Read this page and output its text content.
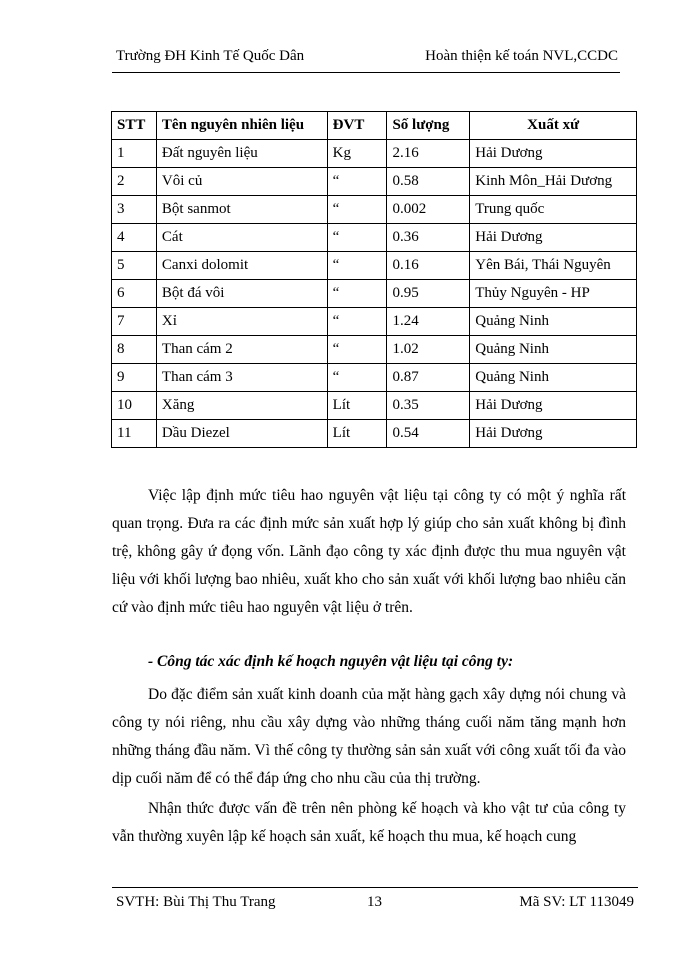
Trường ĐH Kinh Tế Quốc Dân	Hoàn thiện kế toán NVL,CCDC
STT	Tên nguyên nhiên liệu	ĐVT	Số lượng	Xuất xứ
1	Đất nguyên liệu	Kg	2.16	Hải Dương
2	Vôi củ	“	0.58	Kinh Môn_Hải Dương
3	Bột sanmot	“	0.002	Trung quốc
4	Cát	“	0.36	Hải Dương
5	Canxi dolomit	“	0.16	Yên Bái, Thái Nguyên
6	Bột đá vôi	“	0.95	Thủy Nguyên - HP
7	Xỉ	“	1.24	Quảng Ninh
8	Than cám 2	“	1.02	Quảng Ninh
9	Than cám 3	“	0.87	Quảng Ninh
10	Xăng	Lít	0.35	Hải Dương
11	Dầu Diezel	Lít	0.54	Hải Dương

Việc lập định mức tiêu hao nguyên vật liệu tại công ty có một ý nghĩa rất quan trọng. Đưa ra các định mức sản xuất hợp lý giúp cho sản xuất không bị đình trệ, không gây ứ đọng vốn. Lãnh đạo công ty xác định được thu mua nguyên vật liệu với khối lượng bao nhiêu, xuất kho cho sản xuất với khối lượng bao nhiêu căn cứ vào định mức tiêu hao nguyên vật liệu ở trên.

- Công tác xác định kế hoạch nguyên vật liệu tại công ty:

Do đặc điểm sản xuất kinh doanh của mặt hàng gạch xây dựng nói chung và công ty nói riêng, nhu cầu xây dựng vào những tháng cuối năm tăng mạnh hơn những tháng đầu năm. Vì thế công ty thường sản sản xuất với công xuất tối đa vào dịp cuối năm để có thể đáp ứng cho nhu cầu của thị trường.

Nhận thức được vấn đề trên nên phòng kế hoạch và kho vật tư của công ty vẫn thường xuyên lập kế hoạch sản xuất, kế hoạch thu mua, kế hoạch cung

SVTH: Bùi Thị Thu Trang	13	Mã SV: LT 113049
